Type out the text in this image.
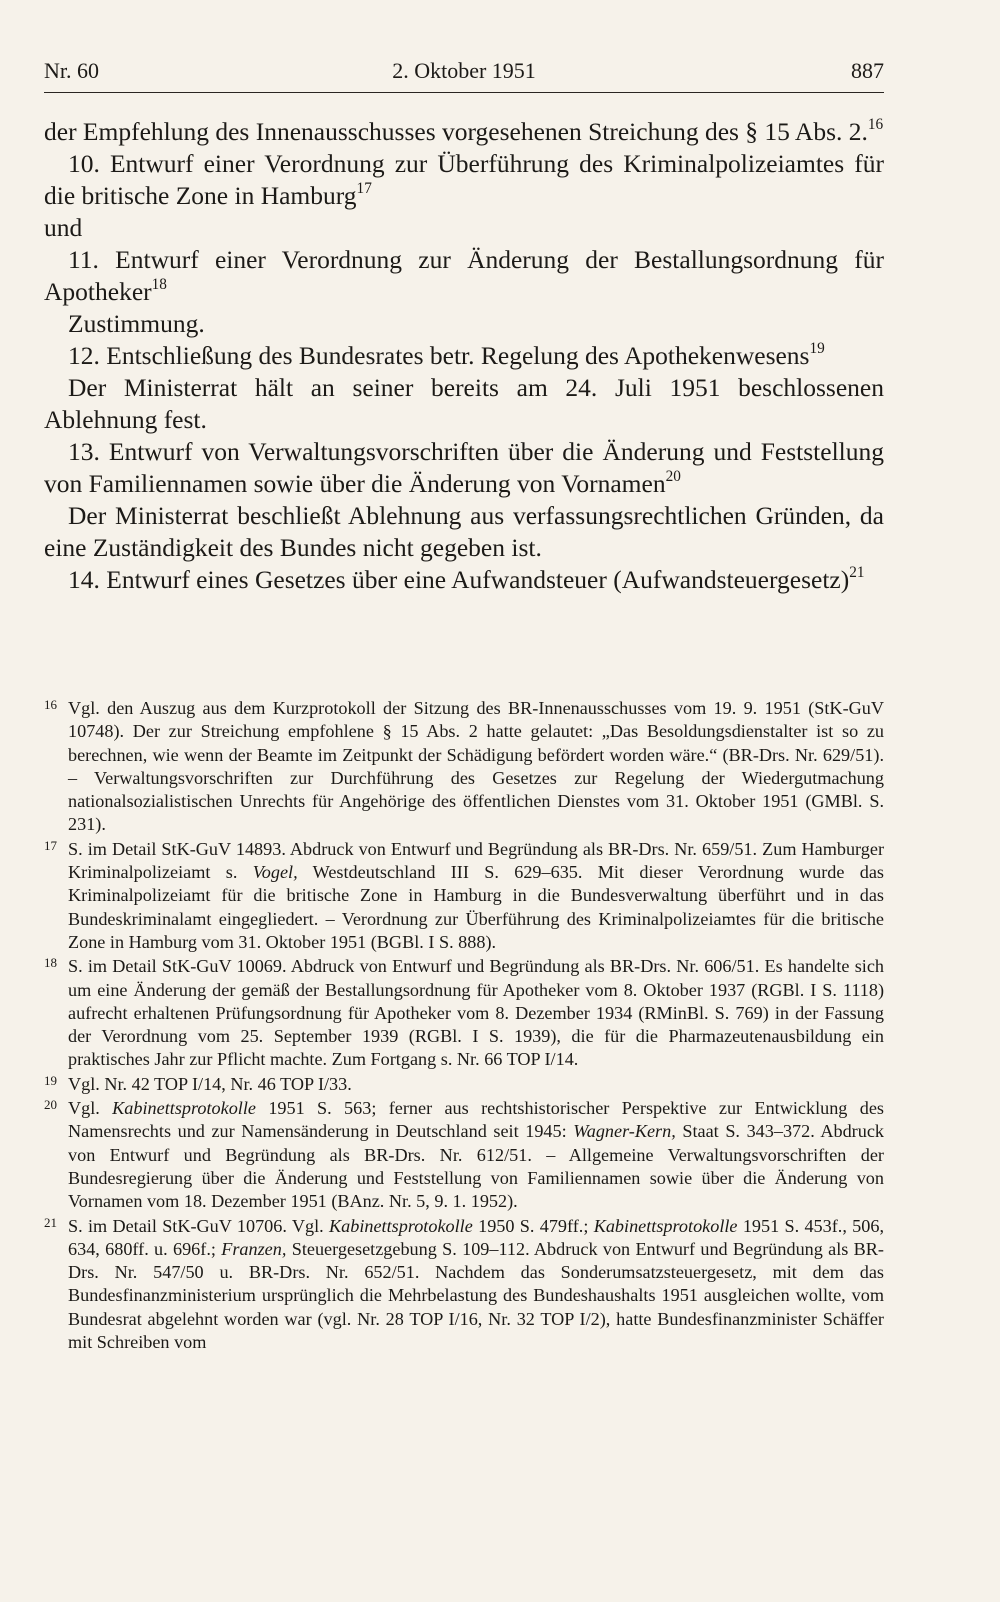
Nr. 60	2. Oktober 1951	887

der Empfehlung des Innenausschusses vorgesehenen Streichung des § 15 Abs. 2.16

10. Entwurf einer Verordnung zur Überführung des Kriminalpolizeiamtes für die britische Zone in Hamburg$^{17}$

und

11. Entwurf einer Verordnung zur Änderung der Bestallungsordnung für Apotheker$^{18}$

Zustimmung.

12. Entschließung des Bundesrates betr. Regelung des Apothekenwesens$^{19}$

Der Ministerrat hält an seiner bereits am 24. Juli 1951 beschlossenen Ablehnung fest.

13. Entwurf von Verwaltungsvorschriften über die Änderung und Feststellung von Familiennamen sowie über die Änderung von Vornamen$^{20}$

Der Ministerrat beschließt Ablehnung aus verfassungsrechtlichen Gründen, da eine Zuständigkeit des Bundes nicht gegeben ist.

14. Entwurf eines Gesetzes über eine Aufwandsteuer (Aufwandsteuergesetz)$^{21}$

16 Vgl. den Auszug aus dem Kurzprotokoll der Sitzung des BR-Innenausschusses vom 19. 9. 1951 (StK-GuV 10748). Der zur Streichung empfohlene § 15 Abs. 2 hatte gelautet: „Das Besoldungsdienstalter ist so zu berechnen, wie wenn der Beamte im Zeitpunkt der Schädigung befördert worden wäre.“ (BR-Drs. Nr. 629/51). – Verwaltungsvorschriften zur Durchführung des Gesetzes zur Regelung der Wiedergutmachung nationalsozialistischen Unrechts für Angehörige des öffentlichen Dienstes vom 31. Oktober 1951 (GMBl. S. 231).

17 S. im Detail StK-GuV 14893. Abdruck von Entwurf und Begründung als BR-Drs. Nr. 659/51. Zum Hamburger Kriminalpolizeiamt s. Vogel, Westdeutschland III S. 629–635. Mit dieser Verordnung wurde das Kriminalpolizeiamt für die britische Zone in Hamburg in die Bundesverwaltung überführt und in das Bundeskriminalamt eingegliedert. – Verordnung zur Überführung des Kriminalpolizeiamtes für die britische Zone in Hamburg vom 31. Oktober 1951 (BGBl. I S. 888).

18 S. im Detail StK-GuV 10069. Abdruck von Entwurf und Begründung als BR-Drs. Nr. 606/51. Es handelte sich um eine Änderung der gemäß der Bestallungsordnung für Apotheker vom 8. Oktober 1937 (RGBl. I S. 1118) aufrecht erhaltenen Prüfungsordnung für Apotheker vom 8. Dezember 1934 (RMinBl. S. 769) in der Fassung der Verordnung vom 25. September 1939 (RGBl. I S. 1939), die für die Pharmazeutenausbildung ein praktisches Jahr zur Pflicht machte. Zum Fortgang s. Nr. 66 TOP I/14.

19 Vgl. Nr. 42 TOP I/14, Nr. 46 TOP I/33.

20 Vgl. Kabinettsprotokolle 1951 S. 563; ferner aus rechtshistorischer Perspektive zur Entwicklung des Namensrechts und zur Namensänderung in Deutschland seit 1945: Wagner-Kern, Staat S. 343–372. Abdruck von Entwurf und Begründung als BR-Drs. Nr. 612/51. – Allgemeine Verwaltungsvorschriften der Bundesregierung über die Änderung und Feststellung von Familiennamen sowie über die Änderung von Vornamen vom 18. Dezember 1951 (BAnz. Nr. 5, 9. 1. 1952).

21 S. im Detail StK-GuV 10706. Vgl. Kabinettsprotokolle 1950 S. 479ff.; Kabinettsprotokolle 1951 S. 453f., 506, 634, 680ff. u. 696f.; Franzen, Steuergesetzgebung S. 109–112. Abdruck von Entwurf und Begründung als BR-Drs. Nr. 547/50 u. BR-Drs. Nr. 652/51. Nachdem das Sonderumsatzsteuergesetz, mit dem das Bundesfinanzministerium ursprünglich die Mehrbelastung des Bundeshaushalts 1951 ausgleichen wollte, vom Bundesrat abgelehnt worden war (vgl. Nr. 28 TOP I/16, Nr. 32 TOP I/2), hatte Bundesfinanzminister Schäffer mit Schreiben vom
